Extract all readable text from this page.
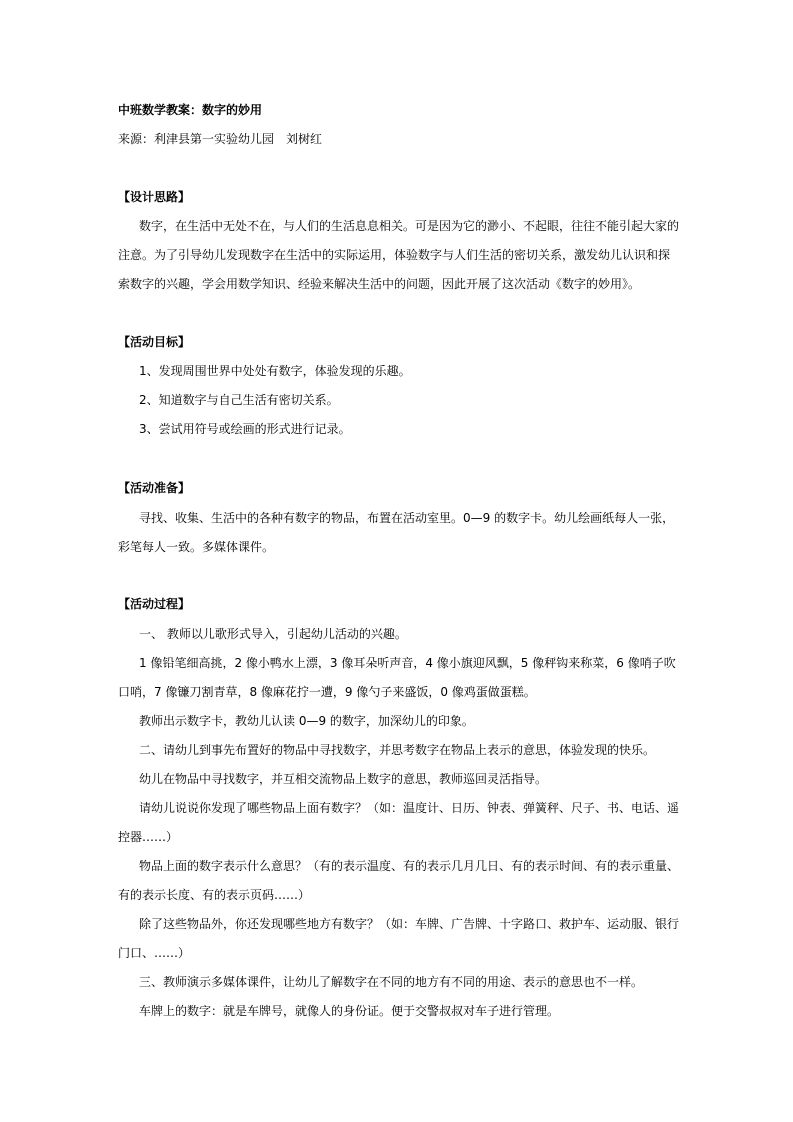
中班数学教案：数字的妙用
来源：利津县第一实验幼儿园　刘树红
【设计思路】
数字，在生活中无处不在，与人们的生活息息相关。可是因为它的渺小、不起眼，往往不能引起大家的
注意。为了引导幼儿发现数字在生活中的实际运用，体验数字与人们生活的密切关系，激发幼儿认识和探
索数字的兴趣，学会用数学知识、经验来解决生活中的问题，因此开展了这次活动《数字的妙用》。
【活动目标】
1、发现周围世界中处处有数字，体验发现的乐趣。
2、知道数字与自己生活有密切关系。
3、尝试用符号或绘画的形式进行记录。
【活动准备】
寻找、收集、生活中的各种有数字的物品，布置在活动室里。0—9 的数字卡。幼儿绘画纸每人一张，
彩笔每人一致。多媒体课件。
【活动过程】
一、 教师以儿歌形式导入，引起幼儿活动的兴趣。
1 像铅笔细高挑，2 像小鸭水上漂，3 像耳朵听声音，4 像小旗迎风飘，5 像秤钩来称菜，6 像哨子吹
口哨，7 像镰刀割青草，8 像麻花拧一遭，9 像勺子来盛饭，0 像鸡蛋做蛋糕。
教师出示数字卡，教幼儿认读 0—9 的数字，加深幼儿的印象。
二、请幼儿到事先布置好的物品中寻找数字，并思考数字在物品上表示的意思，体验发现的快乐。
幼儿在物品中寻找数字，并互相交流物品上数字的意思，教师巡回灵活指导。
请幼儿说说你发现了哪些物品上面有数字？（如：温度计、日历、钟表、弹簧秤、尺子、书、电话、遥
控器……）
物品上面的数字表示什么意思？（有的表示温度、有的表示几月几日、有的表示时间、有的表示重量、
有的表示长度、有的表示页码……）
除了这些物品外，你还发现哪些地方有数字？（如：车牌、广告牌、十字路口、救护车、运动服、银行
门口、……）
三、教师演示多媒体课件，让幼儿了解数字在不同的地方有不同的用途、表示的意思也不一样。
车牌上的数字：就是车牌号，就像人的身份证。便于交警叔叔对车子进行管理。
